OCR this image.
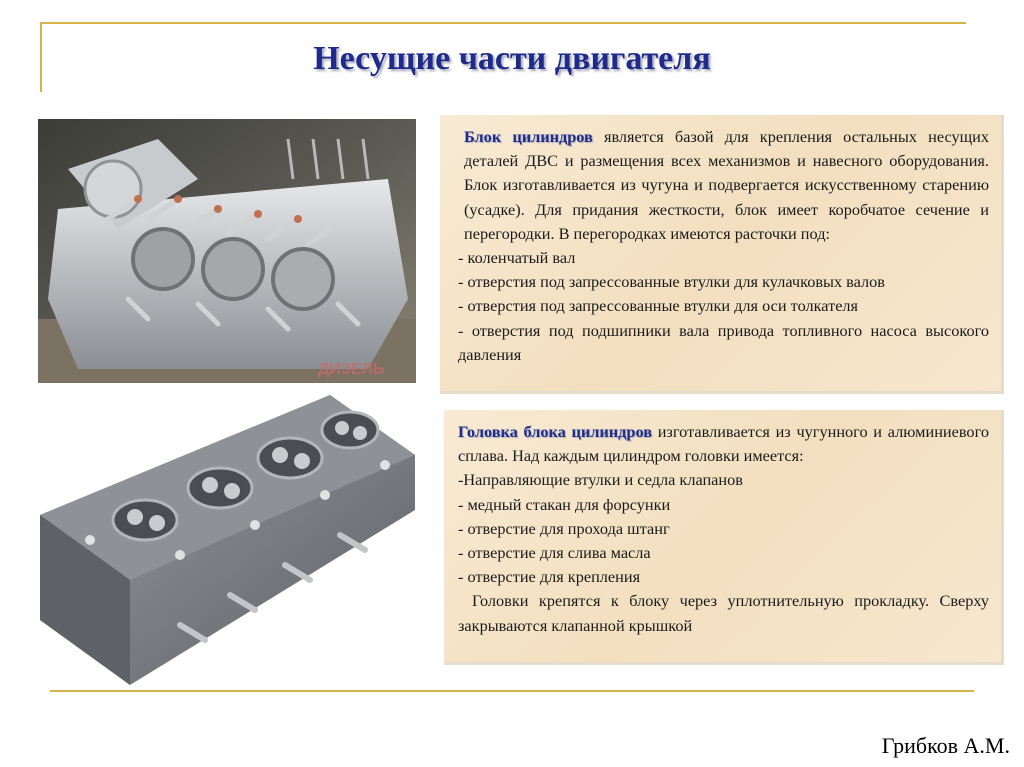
Несущие части двигателя
ДИЗЕЛЬ

Блок цилиндров является базой для крепления остальных несущих деталей ДВС и размещения всех механизмов и навесного оборудования. Блок изготавливается из чугуна и подвергается искусственному старению (усадке). Для придания жесткости, блок имеет коробчатое сечение и перегородки. В перегородках имеются расточки под:

- коленчатый вал

- отверстия под запрессованные втулки для кулачковых валов

- отверстия под запрессованные втулки для оси толкателя

- отверстия под подшипники вала привода топливного насоса высокого давления

Головка блока цилиндров изготавливается из чугунного и алюминиевого сплава. Над каждым цилиндром головки имеется:

-Направляющие втулки и седла клапанов

- медный стакан для форсунки

- отверстие для прохода штанг

- отверстие для слива масла

- отверстие для крепления

Головки крепятся к блоку через уплотнительную прокладку. Сверху закрываются клапанной крышкой

Грибков А.М.
